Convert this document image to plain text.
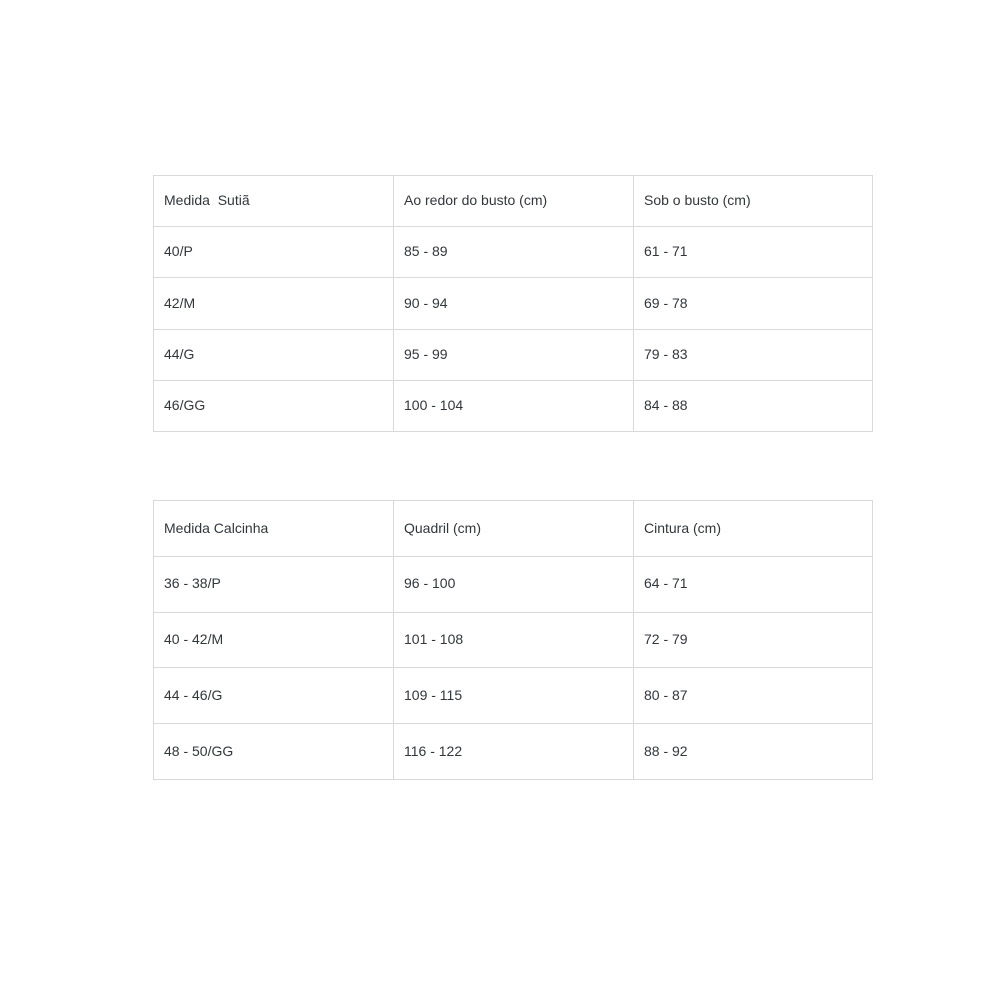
Medida  Sutiã	Ao redor do busto (cm)	Sob o busto (cm)
40/P	85 - 89	61 - 71
42/M	90 - 94	69 - 78
44/G	95 - 99	79 - 83
46/GG	100 - 104	84 - 88
Medida Calcinha	Quadril (cm)	Cintura (cm)
36 - 38/P	96 - 100	64 - 71
40 - 42/M	101 - 108	72 - 79
44 - 46/G	109 - 115	80 - 87
48 - 50/GG	116 - 122	88 - 92
